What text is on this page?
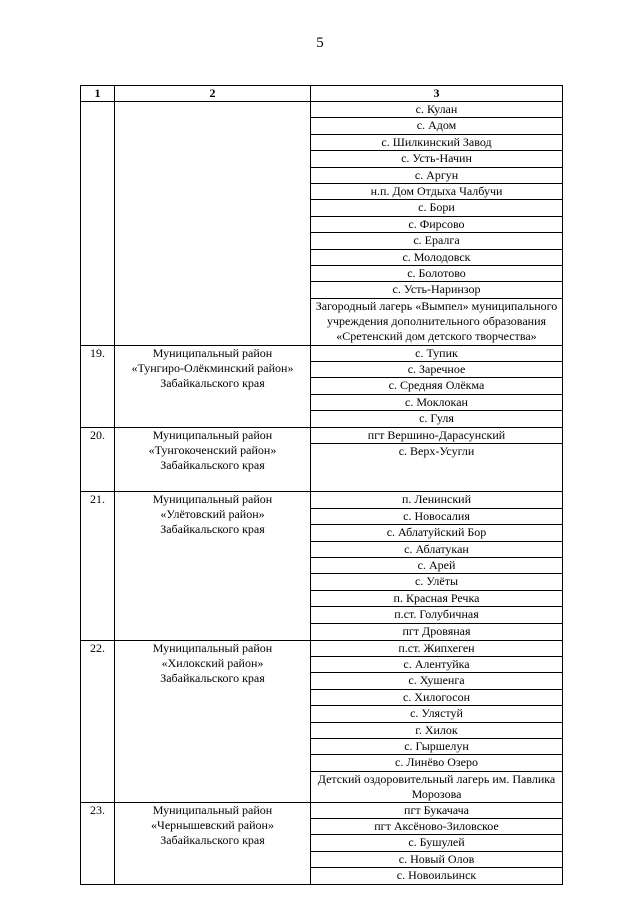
5
1	2	3
		с. Кулан
		с. Адом
		с. Шилкинский Завод
		с. Усть-Начин
		с. Аргун
		н.п. Дом Отдыха Чалбучи
		с. Бори
		с. Фирсово
		с. Ералга
		с. Молодовск
		с. Болотово
		с. Усть-Наринзор
		Загородный лагерь «Вымпел» муниципального учреждения дополнительного образования «Сретенский дом детского творчества»
19.	Муниципальный район
«Тунгиро-Олёкминский район»
Забайкальского края	с. Тупик
		с. Заречное
		с. Средняя Олёкма
		с. Моклокан
		с. Гуля
20.	Муниципальный район
«Тунгокоченский район»
Забайкальского края	пгт Вершино-Дарасунский
		с. Верх-Усугли
21.	Муниципальный район
«Улётовский район»
Забайкальского края	п. Ленинский
		с. Новосалия
		с. Аблатуйский Бор
		с. Аблатукан
		с. Арей
		с. Улёты
		п. Красная Речка
		п.ст. Голубичная
		пгт Дровяная
22.	Муниципальный район
«Хилокский район»
Забайкальского края	п.ст. Жипхеген
		с. Алентуйка
		с. Хушенга
		с. Хилогосон
		с. Улястуй
		г. Хилок
		с. Гыршелун
		с. Линёво Озеро
		Детский оздоровительный лагерь им. Павлика Морозова
23.	Муниципальный район
«Чернышевский район»
Забайкальского края	пгт Букачача
		пгт Аксёново-Зиловское
		с. Бушулей
		с. Новый Олов
		с. Новоильинск
